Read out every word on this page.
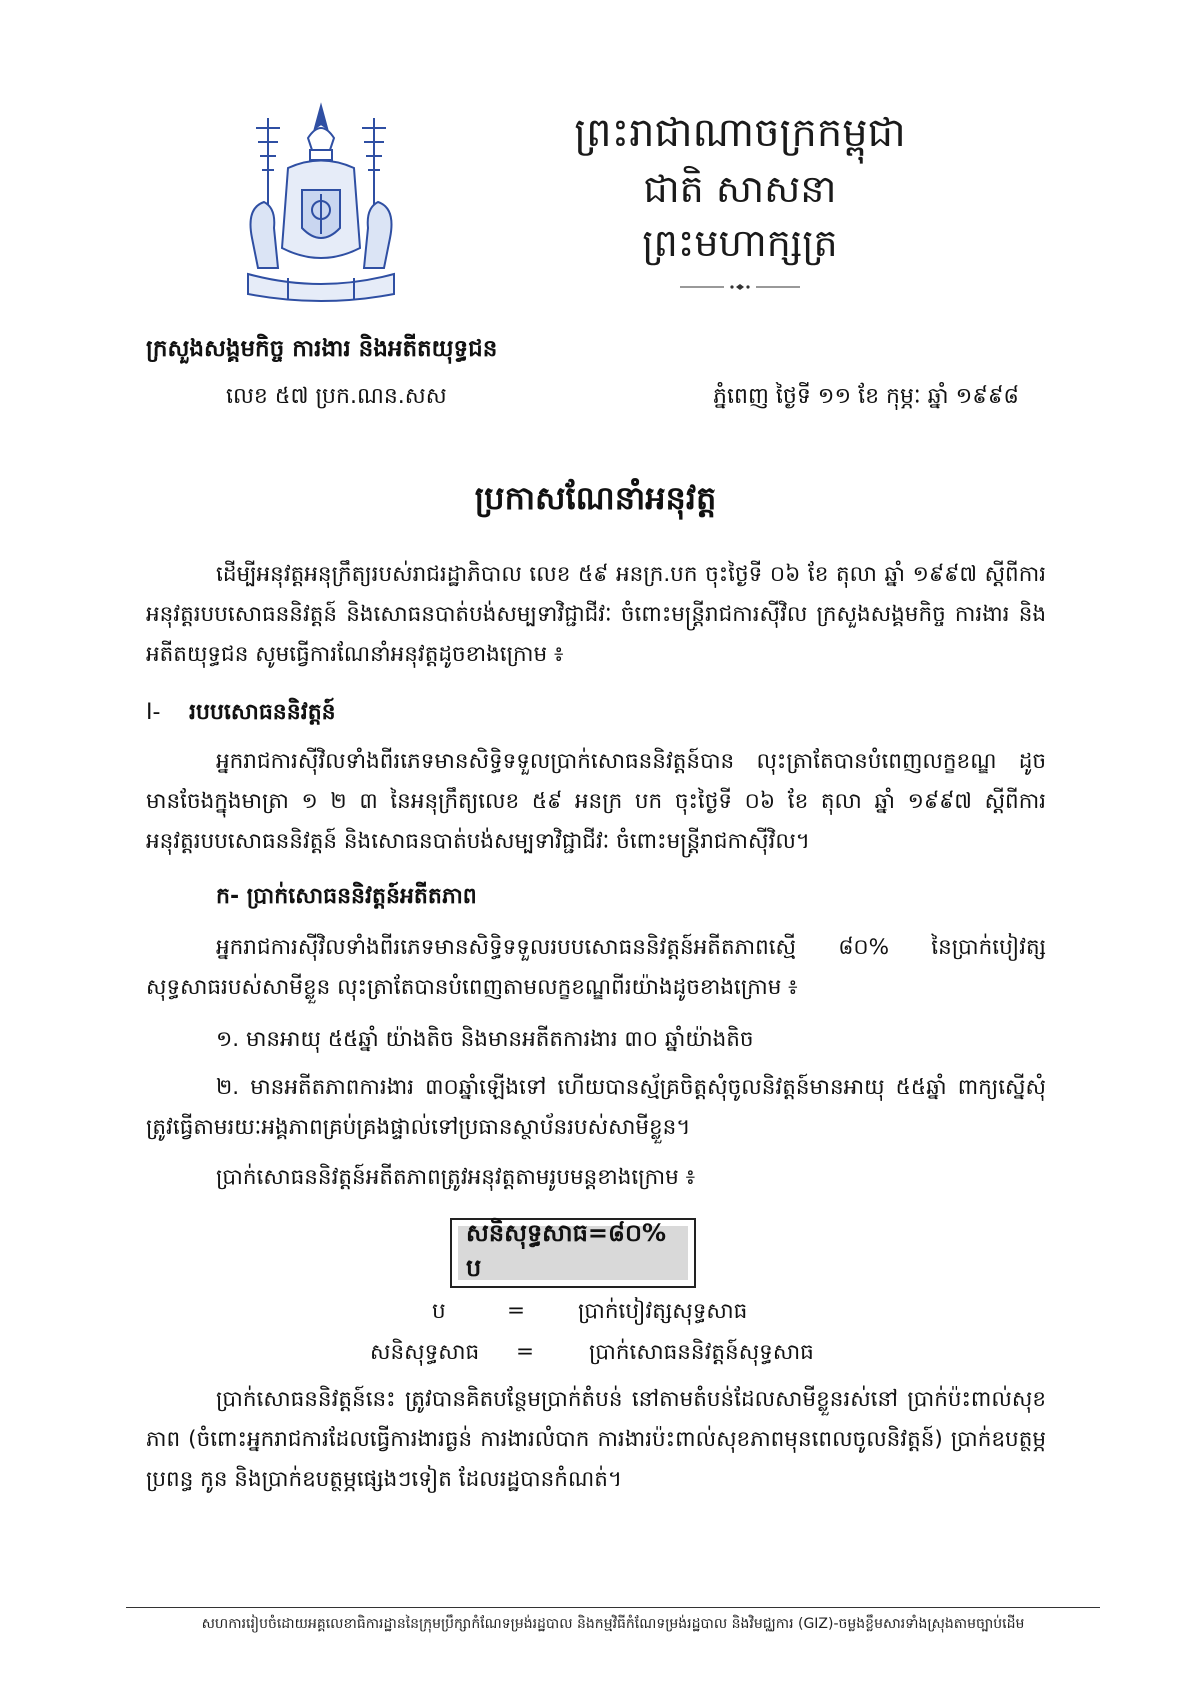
ព្រះរាជាណាចក្រកម្ពុជា
ជាតិ សាសនា ព្រះមហាក្សត្រ
ក្រសួងសង្គមកិច្ច ការងារ និងអតីតយុទ្ធជន
លេខ ៥៧ ប្រក.ណន.សស	ភ្នំពេញ ថ្ងៃទី ១១ ខែ កុម្ភៈ ឆ្នាំ ១៩៩៨
ប្រកាសណែនាំអនុវត្ត
ដើម្បីអនុវត្តអនុក្រឹត្យរបស់រាជរដ្ឋាភិបាល លេខ ៥៩ អនក្រ.បក ចុះថ្ងៃទី ០៦ ខែ តុលា ឆ្នាំ ១៩៩៧ ស្តីពីការអនុវត្តរបបសោធននិវត្តន៍ និងសោធនបាត់បង់សម្បទាវិជ្ជាជីវៈ ចំពោះមន្ត្រីរាជការស៊ីវិល ក្រសួងសង្គមកិច្ច ការងារ និងអតីតយុទ្ធជន សូមធ្វើការណែនាំអនុវត្តដូចខាងក្រោម ៖
I- របបសោធននិវត្តន៍
អ្នករាជការស៊ីវិលទាំងពីរភេទមានសិទ្ធិទទួលប្រាក់សោធននិវត្តន៍បាន លុះត្រាតែបានបំពេញលក្ខខណ្ឌ ដូចមានចែងក្នុងមាត្រា ១ ២ ៣ នៃអនុក្រឹត្យលេខ ៥៩ អនក្រ បក ចុះថ្ងៃទី ០៦ ខែ តុលា ឆ្នាំ ១៩៩៧ ស្តីពីការអនុវត្តរបបសោធននិវត្តន៍ និងសោធនបាត់បង់សម្បទាវិជ្ជាជីវៈ ចំពោះមន្ត្រីរាជកាស៊ីវិល។
ក- ប្រាក់សោធននិវត្តន៍អតីតភាព
អ្នករាជការស៊ីវិលទាំងពីរភេទមានសិទ្ធិទទួលរបបសោធននិវត្តន៍អតីតភាពស្មើ ៨០% នៃប្រាក់បៀវត្សសុទ្ធសាធរបស់សាមីខ្លួន លុះត្រាតែបានបំពេញតាមលក្ខខណ្ឌពីរយ៉ាងដូចខាងក្រោម ៖
១. មានអាយុ ៥៥ឆ្នាំ យ៉ាងតិច និងមានអតីតការងារ ៣០ ឆ្នាំយ៉ាងតិច
២. មានអតីតភាពការងារ ៣០ឆ្នាំឡើងទៅ ហើយបានស្ម័គ្រចិត្តសុំចូលនិវត្តន៍មានអាយុ ៥៥ឆ្នាំ ពាក្យស្នើសុំត្រូវធ្វើតាមរយៈអង្គភាពគ្រប់គ្រងផ្ទាល់ទៅប្រធានស្ថាប័នរបស់សាមីខ្លួន។
ប្រាក់សោធននិវត្តន៍អតីតភាពត្រូវអនុវត្តតាមរូបមន្តខាងក្រោម ៖
សនិសុទ្ធសាធ=៨០% ប
ប	= ប្រាក់បៀវត្សសុទ្ធសាធ
សនិសុទ្ធសាធ =	ប្រាក់សោធននិវត្តន៍សុទ្ធសាធ
ប្រាក់សោធននិវត្តន៍នេះ ត្រូវបានគិតបន្ថែមប្រាក់តំបន់ នៅតាមតំបន់ដែលសាមីខ្លួនរស់នៅ ប្រាក់ប៉ះពាល់សុខភាព (ចំពោះអ្នករាជការដែលធ្វើការងារធ្ងន់ ការងារលំបាក ការងារប៉ះពាល់សុខភាពមុនពេលចូលនិវត្តន៍) ប្រាក់ឧបត្ថម្ភប្រពន្ធ កូន និងប្រាក់ឧបត្ថម្ភផ្សេងៗទៀត ដែលរដ្ឋបានកំណត់។
សហការរៀបចំដោយអគ្គលេខាធិការដ្ឋាននៃក្រុមប្រឹក្សាកំណែទម្រង់រដ្ឋបាល និងកម្មវិធីកំណែទម្រង់រដ្ឋបាល និងវិមជ្ឈការ (GIZ)-ចម្លងខ្លឹមសារទាំងស្រុងតាមច្បាប់ដើម
